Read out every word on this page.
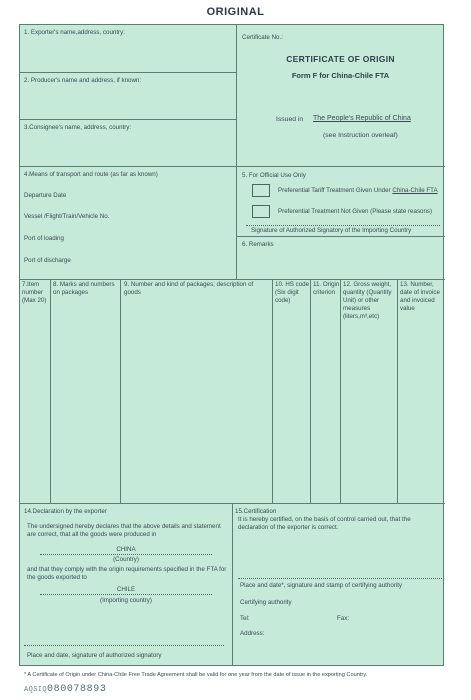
ORIGINAL
1. Exporter's name,address, country:
2. Producer's name and address, if known:
3.Consignee's name, address, country:
Certificate No.:
CERTIFICATE OF ORIGIN
Form F for China-Chile FTA
Issued in The People's Republic of China
(see Instruction overleaf)
4.Means of transport and route (as far as known)
Departure Date
Vessel /Flight/Train/Vehicle No.
Port of loading
Port of discharge
5. For Official Use Only
Preferential Tariff Treatment Given Under China-Chile FTA
Preferential Treatment Not Given (Please state reasons)
Signature of Authorized Signatory of the Importing Country
6. Remarks
7.Item number (Max 20)
8. Marks and numbers on packages
9. Number and kind of packages; description of goods
10. HS code (Six digit code)
11. Origin criterion
12. Gross weight, quantity (Quantity Unit) or other measures (liters,m³,etc)
13. Number, date of invoice and invoiced value
14.Declaration by the exporter
The undersigned hereby declares that the above details and statement are correct, that all the goods were produced in
CHINA
(Country)
and that they comply with the origin requirements specified in the FTA for the goods exported to
CHILE
(Importing country)
Place and date, signature of authorized signatory
15.Certification
It is hereby certified, on the basis of control carried out, that the declaration of the exporter is correct.
Place and date*, signature and stamp of certifying authority
Certifying authority
Tel:	Fax:
Address:
* A Certificate of Origin under China-Chile Free Trade Agreement shall be valid for one year from the date of issue in the exporting Country.
AQSIQ080078893
